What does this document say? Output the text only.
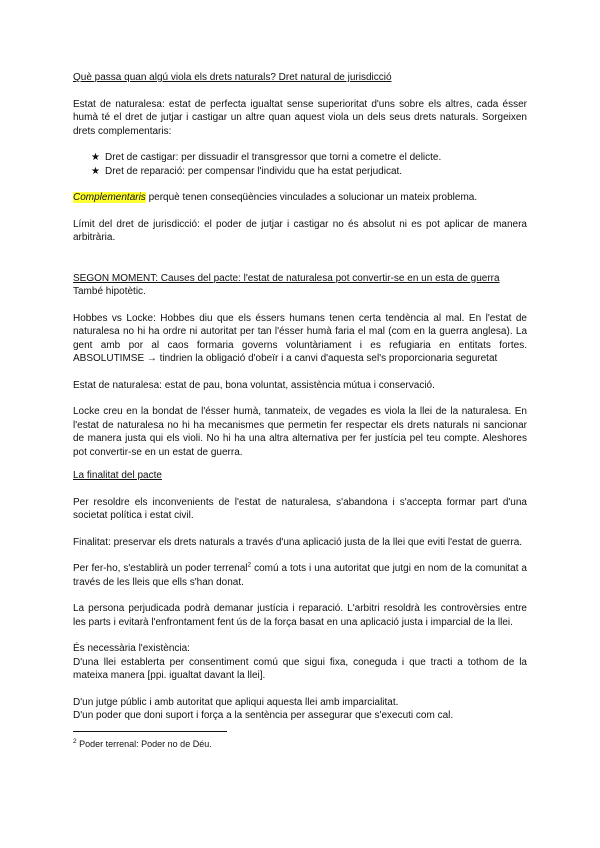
Què passa quan algú viola els drets naturals? Dret natural de jurisdicció

Estat de naturalesa: estat de perfecta igualtat sense superioritat d'uns sobre els altres, cada ésser humà té el dret de jutjar i castigar un altre quan aquest viola un dels seus drets naturals. Sorgeixen drets complementaris:

★ Dret de castigar: per dissuadir el transgressor que torni a cometre el delicte.
★ Dret de reparació: per compensar l'individu que ha estat perjudicat.

Complementaris perquè tenen conseqüències vinculades a solucionar un mateix problema.

Límit del dret de jurisdicció: el poder de jutjar i castigar no és absolut ni es pot aplicar de manera arbitrària.

SEGON MOMENT: Causes del pacte: l'estat de naturalesa pot convertir-se en un esta de guerra

També hipotètic.

Hobbes vs Locke: Hobbes diu que els éssers humans tenen certa tendència al mal. En l'estat de naturalesa no hi ha ordre ni autoritat per tan l'ésser humà faria el mal (com en la guerra anglesa). La gent amb por al caos formaria governs voluntàriament i es refugiaria en entitats fortes. ABSOLUTIMSE → tindrien la obligació d'obeïr i a canvi d'aquesta sel's proporcionaria seguretat

Estat de naturalesa: estat de pau, bona voluntat, assistència mútua i conservació.

Locke creu en la bondat de l'ésser humà, tanmateix, de vegades es viola la llei de la naturalesa. En l'estat de naturalesa no hi ha mecanismes que permetin fer respectar els drets naturals ni sancionar de manera justa qui els violi. No hi ha una altra alternativa per fer justícia pel teu compte. Aleshores pot convertir-se en un estat de guerra.

La finalitat del pacte

Per resoldre els inconvenients de l'estat de naturalesa, s'abandona i s'accepta formar part d'una societat política i estat civil.

Finalitat: preservar els drets naturals a través d'una aplicació justa de la llei que eviti l'estat de guerra.

Per fer-ho, s'establirà un poder terrenal$^2$ comú a tots i una autoritat que jutgi en nom de la comunitat a través de les lleis que ells s'han donat.

La persona perjudicada podrà demanar justícia i reparació. L'arbitri resoldrà les controvèrsies entre les parts i evitarà l'enfrontament fent ús de la força basat en una aplicació justa i imparcial de la llei.

És necessària l'existència:

D'una llei establerta per consentiment comú que sigui fixa, coneguda i que tracti a tothom de la mateixa manera [ppi. igualtat davant la llei].

D'un jutge públic i amb autoritat que apliqui aquesta llei amb imparcialitat.

D'un poder que doni suport i força a la sentència per assegurar que s'executi com cal.

$^2$ Poder terrenal: Poder no de Déu.
